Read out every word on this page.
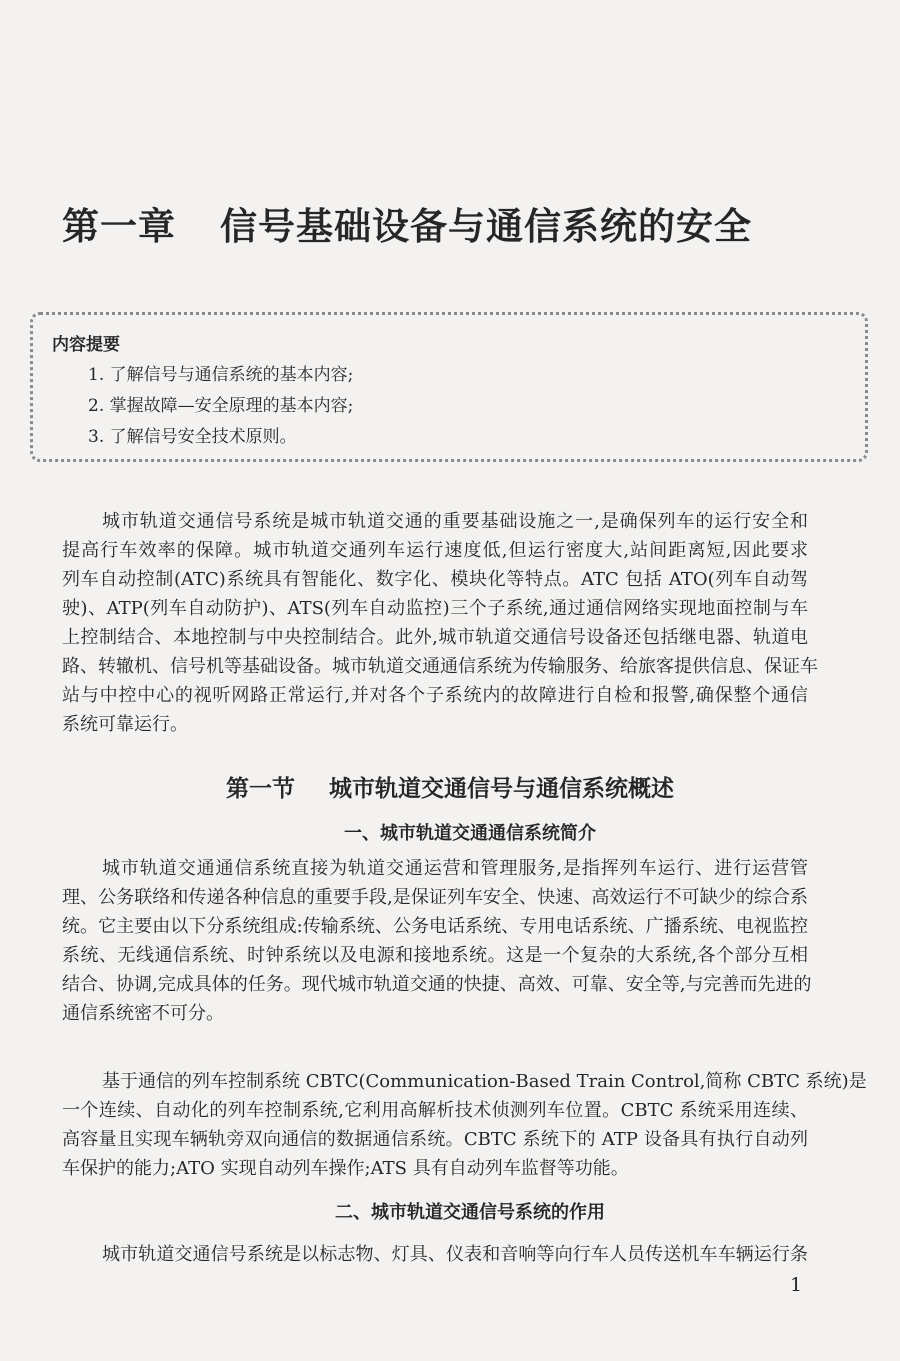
第一章 信号基础设备与通信系统的安全
内容提要
1. 了解信号与通信系统的基本内容;
2. 掌握故障—安全原理的基本内容;
3. 了解信号安全技术原则。
城市轨道交通信号系统是城市轨道交通的重要基础设施之一,是确保列车的运行安全和
提高行车效率的保障。城市轨道交通列车运行速度低,但运行密度大,站间距离短,因此要求
列车自动控制(ATC)系统具有智能化、数字化、模块化等特点。ATC 包括 ATO(列车自动驾
驶)、ATP(列车自动防护)、ATS(列车自动监控)三个子系统,通过通信网络实现地面控制与车
上控制结合、本地控制与中央控制结合。此外,城市轨道交通信号设备还包括继电器、轨道电
路、转辙机、信号机等基础设备。城市轨道交通通信系统为传输服务、给旅客提供信息、保证车
站与中控中心的视听网路正常运行,并对各个子系统内的故障进行自检和报警,确保整个通信
系统可靠运行。
第一节 城市轨道交通信号与通信系统概述
一、城市轨道交通通信系统简介
城市轨道交通通信系统直接为轨道交通运营和管理服务,是指挥列车运行、进行运营管
理、公务联络和传递各种信息的重要手段,是保证列车安全、快速、高效运行不可缺少的综合系
统。它主要由以下分系统组成:传输系统、公务电话系统、专用电话系统、广播系统、电视监控
系统、无线通信系统、时钟系统以及电源和接地系统。这是一个复杂的大系统,各个部分互相
结合、协调,完成具体的任务。现代城市轨道交通的快捷、高效、可靠、安全等,与完善而先进的
通信系统密不可分。
基于通信的列车控制系统 CBTC(Communication-Based Train Control,简称 CBTC 系统)是
一个连续、自动化的列车控制系统,它利用高解析技术侦测列车位置。CBTC 系统采用连续、
高容量且实现车辆轨旁双向通信的数据通信系统。CBTC 系统下的 ATP 设备具有执行自动列
车保护的能力;ATO 实现自动列车操作;ATS 具有自动列车监督等功能。
二、城市轨道交通信号系统的作用
城市轨道交通信号系统是以标志物、灯具、仪表和音响等向行车人员传送机车车辆运行条
1
